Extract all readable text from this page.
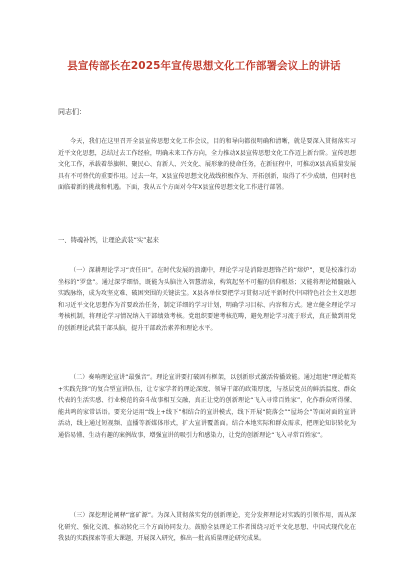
县宣传部长在2025年宣传思想文化工作部署会议上的讲话
同志们：
今天，我们在这里召开全县宣传思想文化工作会议，目的和导向都很明确和清晰，就是要深入贯彻落实习近平文化思想，总结过去工作经验，明确未来工作方向，全力推动X县宣传思想文化工作迈上新台阶。宣传思想文化工作，承载着举旗帜、聚民心、育新人、兴文化、展形象的使命任务，在新征程中，可推动X县高质量发展具有不可替代的重要作用。过去一年，X县宣传思想文化战线积极作为、开拓创新，取得了不少成绩，但同时也面临着新的挑战和机遇。下面，我从五个方面对今年X县宣传思想文化工作进行部署。
一、铸魂补钙，让理论武装“实”起来
（一）深耕理论学习“责任田”。在时代发展的浪潮中，理论学习是消除思想锋芒的“熔炉”，更是校准行动坐标的“罗盘”。通过深学细悟，既能为头脑注入智慧清泉，构筑起坚不可摧的信仰根基；又能将理论精髓融入实践脉络，成为攻坚克难、破困突围的关键法宝。X县各单位要把学习贯彻习近平新时代中国特色社会主义思想和习近平文化思想作为首要政治任务，制定详细的学习计划，明确学习目标、内容和方式。建立健全理论学习考核机制，将理论学习情况纳入干部绩效考核。党组织要建考核范畴，避免理论学习流于形式，真正做到用党的创新理论武装干部头脑，提升干部政治素养和理论水平。
（二）奏响理论宣讲“最强音”。理论宣讲要打破固有框架，以创新形式激活传播效能。通过组建“理论精英+实践先锋”的复合型宣讲队伍，让专家学者的理论深度、领导干部的政策厚度，与基层党员的鲜活温度、群众代表的生活实感、行业模范的奋斗故事相互交融，真正让党的创新理论“飞入寻常百姓家”，化作群众听得懂、能共鸣的家常话语。要充分运用“线上+线下”相结合的宣讲模式，线下开展“院落会”“屋场会”等面对面的宣讲活动，线上通过短视频、直播等新媒体形式，扩大宣讲覆盖面。结合本地实际和群众需求，把理论知识转化为通俗易懂、生动有趣的案例故事，增强宣讲的吸引力和感染力，让党的创新理论“飞入寻常百姓家”。
（三）深挖理论阐释“富矿源”。为深入贯彻落实党的创新理论，充分发挥理论对实践的引领作用，需从深化研究、强化交流、推动转化三个方面协同发力。鼓励全县理论工作者围绕习近平文化思想、中国式现代化在我县的实践探索等重大课题，开展深入研究，推出一批高质量理论研究成果。
